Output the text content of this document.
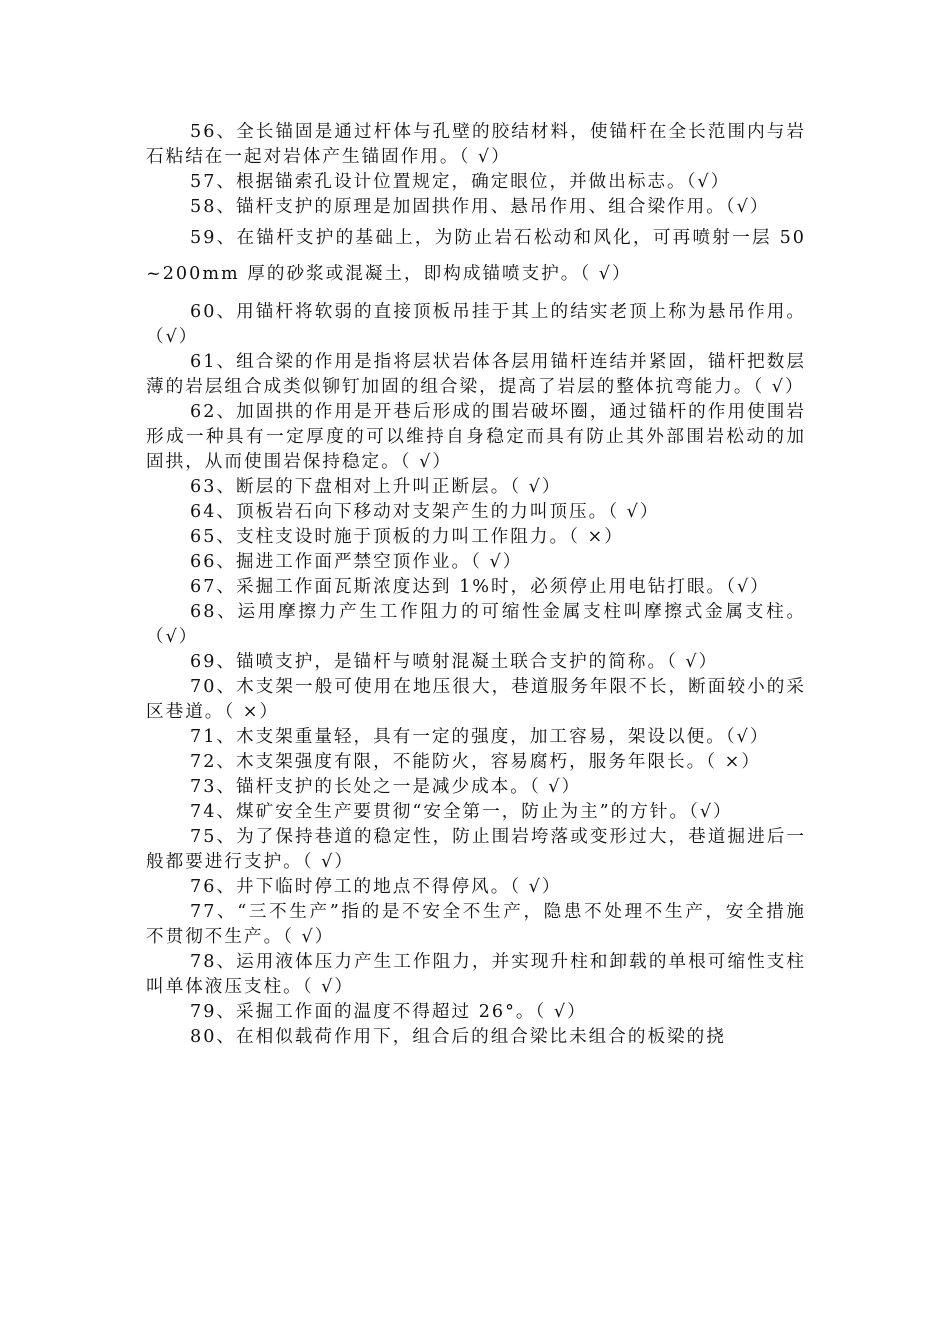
56、全长锚固是通过杆体与孔壁的胶结材料，使锚杆在全长范围内与岩石粘结在一起对岩体产生锚固作用。（ √）

57、根据锚索孔设计位置规定，确定眼位，并做出标志。（√）

58、锚杆支护的原理是加固拱作用、悬吊作用、组合梁作用。（√）

59、在锚杆支护的基础上，为防止岩石松动和风化，可再喷射一层 50~200mm 厚的砂浆或混凝土，即构成锚喷支护。（ √）

60、用锚杆将软弱的直接顶板吊挂于其上的结实老顶上称为悬吊作用。（√）

61、组合梁的作用是指将层状岩体各层用锚杆连结并紧固，锚杆把数层薄的岩层组合成类似铆钉加固的组合梁，提高了岩层的整体抗弯能力。（ √）

62、加固拱的作用是开巷后形成的围岩破坏圈，通过锚杆的作用使围岩形成一种具有一定厚度的可以维持自身稳定而具有防止其外部围岩松动的加固拱，从而使围岩保持稳定。（ √）

63、断层的下盘相对上升叫正断层。（ √）

64、顶板岩石向下移动对支架产生的力叫顶压。（ √）

65、支柱支设时施于顶板的力叫工作阻力。（ ×）

66、掘进工作面严禁空顶作业。（ √）

67、采掘工作面瓦斯浓度达到 1%时，必须停止用电钻打眼。（√）

68、运用摩擦力产生工作阻力的可缩性金属支柱叫摩擦式金属支柱。（√）

69、锚喷支护，是锚杆与喷射混凝土联合支护的简称。（ √）

70、木支架一般可使用在地压很大，巷道服务年限不长，断面较小的采区巷道。（ ×）

71、木支架重量轻，具有一定的强度，加工容易，架设以便。（√）

72、木支架强度有限，不能防火，容易腐朽，服务年限长。（ ×）

73、锚杆支护的长处之一是减少成本。（ √）

74、煤矿安全生产要贯彻“安全第一，防止为主”的方针。（√）

75、为了保持巷道的稳定性，防止围岩垮落或变形过大，巷道掘进后一般都要进行支护。（ √）

76、井下临时停工的地点不得停风。（ √）

77、“三不生产”指的是不安全不生产，隐患不处理不生产，安全措施不贯彻不生产。（ √）

78、运用液体压力产生工作阻力，并实现升柱和卸载的单根可缩性支柱叫单体液压支柱。（ √）

79、采掘工作面的温度不得超过 26°。（ √）

80、在相似载荷作用下，组合后的组合梁比未组合的板梁的挠
